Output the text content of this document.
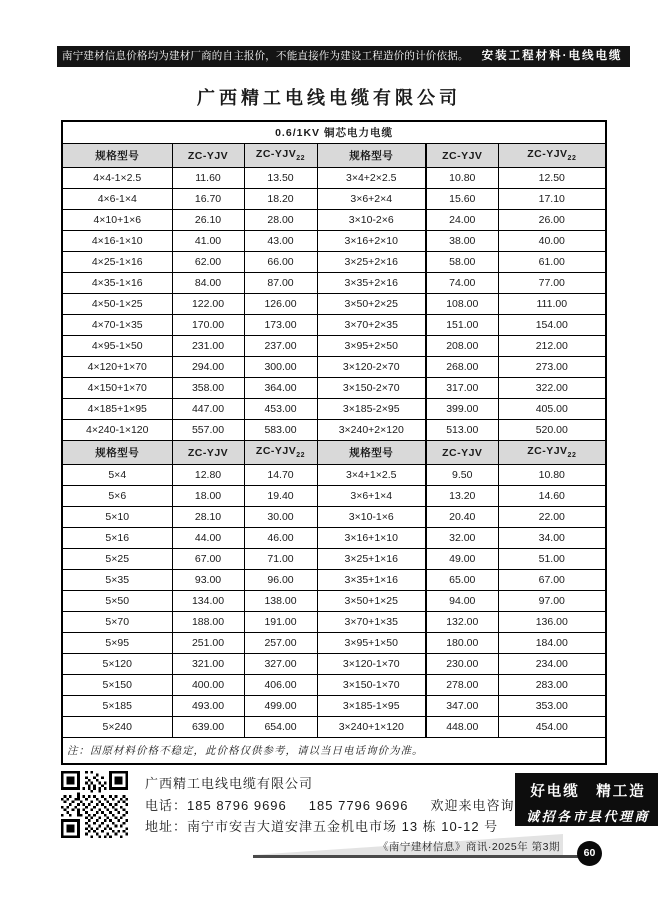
南宁建材信息价格均为建材厂商的自主报价，不能直接作为建设工程造价的计价依据。	安装工程材料·电线电缆
广西精工电线电缆有限公司
0.6/1KV 铜芯电力电缆					
规格型号	ZC-YJV	$ZC-YJV_{22}$	规格型号	ZC-YJV	$ZC-YJV_{22}$
4×4-1×2.5	11.60	13.50	3×4+2×2.5	10.80	12.50
4×6-1×4	16.70	18.20	3×6+2×4	15.60	17.10
4×10+1×6	26.10	28.00	3×10-2×6	24.00	26.00
4×16-1×10	41.00	43.00	3×16+2×10	38.00	40.00
4×25-1×16	62.00	66.00	3×25+2×16	58.00	61.00
4×35-1×16	84.00	87.00	3×35+2×16	74.00	77.00
4×50-1×25	122.00	126.00	3×50+2×25	108.00	111.00
4×70-1×35	170.00	173.00	3×70+2×35	151.00	154.00
4×95-1×50	231.00	237.00	3×95+2×50	208.00	212.00
4×120+1×70	294.00	300.00	3×120-2×70	268.00	273.00
4×150+1×70	358.00	364.00	3×150-2×70	317.00	322.00
4×185+1×95	447.00	453.00	3×185-2×95	399.00	405.00
4×240-1×120	557.00	583.00	3×240+2×120	513.00	520.00
规格型号	ZC-YJV	$ZC-YJV_{22}$	规格型号	ZC-YJV	$ZC-YJV_{22}$
5×4	12.80	14.70	3×4+1×2.5	9.50	10.80
5×6	18.00	19.40	3×6+1×4	13.20	14.60
5×10	28.10	30.00	3×10-1×6	20.40	22.00
5×16	44.00	46.00	3×16+1×10	32.00	34.00
5×25	67.00	71.00	3×25+1×16	49.00	51.00
5×35	93.00	96.00	3×35+1×16	65.00	67.00
5×50	134.00	138.00	3×50+1×25	94.00	97.00
5×70	188.00	191.00	3×70+1×35	132.00	136.00
5×95	251.00	257.00	3×95+1×50	180.00	184.00
5×120	321.00	327.00	3×120-1×70	230.00	234.00
5×150	400.00	406.00	3×150-1×70	278.00	283.00
5×185	493.00	499.00	3×185-1×95	347.00	353.00
5×240	639.00	654.00	3×240+1×120	448.00	454.00
注：因原材料价格不稳定，此价格仅供参考，请以当日电话询价为准。					
广西精工电线电缆有限公司
电话：185 8796 9696 185 7796 9696 欢迎来电咨询
地址：南宁市安吉大道安津五金机电市场 13 栋 10-12 号
好电缆　精工造
诚招各市县代理商
《南宁建材信息》商讯·2025年 第3期	60
